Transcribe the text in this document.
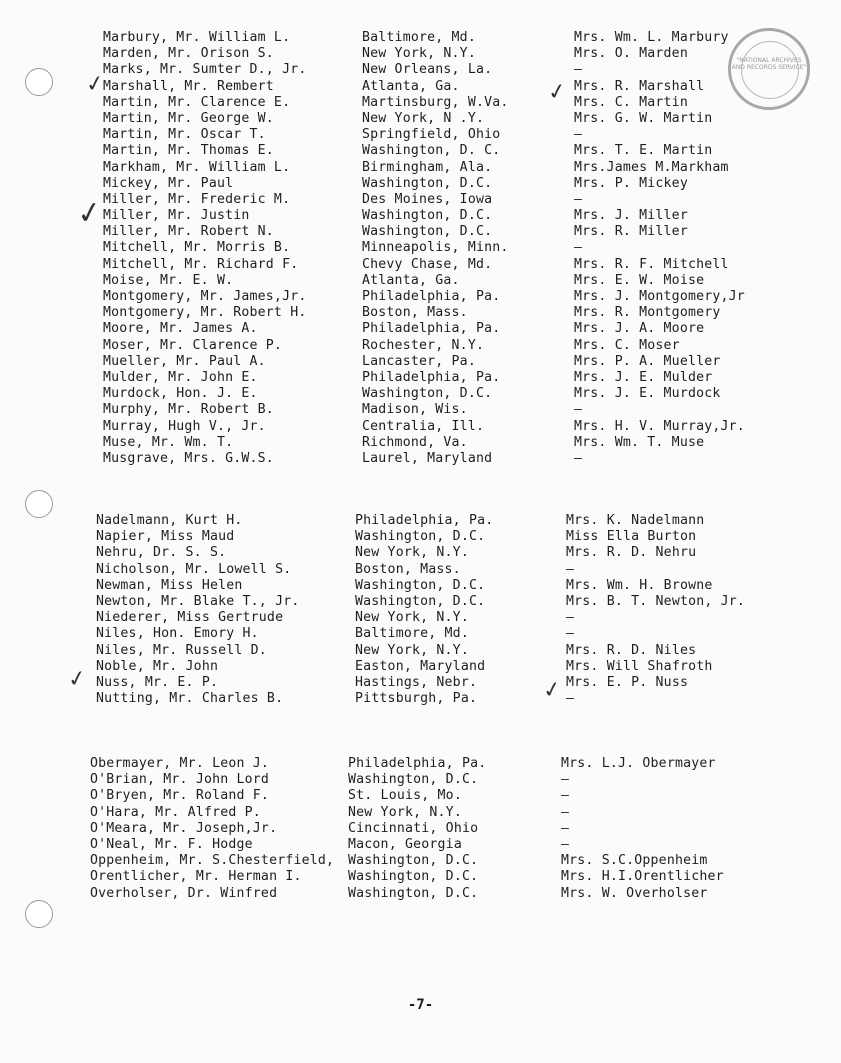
"NATIONAL ARCHIVES AND RECORDS SERVICE"
✓	✓
✓
✓	✓
Marbury, Mr. William L.	Baltimore, Md.	Mrs. Wm. L. Marbury
Marden, Mr. Orison S.	New York, N.Y.	Mrs. O. Marden
Marks, Mr. Sumter D., Jr.	New Orleans, La.	–
Marshall, Mr. Rembert	Atlanta, Ga.	Mrs. R. Marshall
Martin, Mr. Clarence E.	Martinsburg, W.Va.	Mrs. C. Martin
Martin, Mr. George W.	New York, N .Y.	Mrs. G. W. Martin
Martin, Mr. Oscar T.	Springfield, Ohio	–
Martin, Mr. Thomas E.	Washington, D. C.	Mrs. T. E. Martin
Markham, Mr. William L.	Birmingham, Ala.	Mrs.James M.Markham
Mickey, Mr. Paul	Washington, D.C.	Mrs. P. Mickey
Miller, Mr. Frederic M.	Des Moines, Iowa	–
Miller, Mr. Justin	Washington, D.C.	Mrs. J. Miller
Miller, Mr. Robert N.	Washington, D.C.	Mrs. R. Miller
Mitchell, Mr. Morris B.	Minneapolis, Minn.	–
Mitchell, Mr. Richard F.	Chevy Chase, Md.	Mrs. R. F. Mitchell
Moise, Mr. E. W.	Atlanta, Ga.	Mrs. E. W. Moise
Montgomery, Mr. James,Jr.	Philadelphia, Pa.	Mrs. J. Montgomery,Jr
Montgomery, Mr. Robert H.	Boston, Mass.	Mrs. R. Montgomery
Moore, Mr. James A.	Philadelphia, Pa.	Mrs. J. A. Moore
Moser, Mr. Clarence P.	Rochester, N.Y.	Mrs. C. Moser
Mueller, Mr. Paul A.	Lancaster, Pa.	Mrs. P. A. Mueller
Mulder, Mr. John E.	Philadelphia, Pa.	Mrs. J. E. Mulder
Murdock, Hon. J. E.	Washington, D.C.	Mrs. J. E. Murdock
Murphy, Mr. Robert B.	Madison, Wis.	–
Murray, Hugh V., Jr.	Centralia, Ill.	Mrs. H. V. Murray,Jr.
Muse, Mr. Wm. T.	Richmond, Va.	Mrs. Wm. T. Muse
Musgrave, Mrs. G.W.S.	Laurel, Maryland	–
Nadelmann, Kurt H.	Philadelphia, Pa.	Mrs. K. Nadelmann
Napier, Miss Maud	Washington, D.C.	Miss Ella Burton
Nehru, Dr. S. S.	New York, N.Y.	Mrs. R. D. Nehru
Nicholson, Mr. Lowell S.	Boston, Mass.	–
Newman, Miss Helen	Washington, D.C.	Mrs. Wm. H. Browne
Newton, Mr. Blake T., Jr.	Washington, D.C.	Mrs. B. T. Newton, Jr.
Niederer, Miss Gertrude	New York, N.Y.	–
Niles, Hon. Emory H.	Baltimore, Md.	–
Niles, Mr. Russell D.	New York, N.Y.	Mrs. R. D. Niles
Noble, Mr. John	Easton, Maryland	Mrs. Will Shafroth
Nuss, Mr. E. P.	Hastings, Nebr.	Mrs. E. P. Nuss
Nutting, Mr. Charles B.	Pittsburgh, Pa.	–
Obermayer, Mr. Leon J.	Philadelphia, Pa.	Mrs. L.J. Obermayer
O'Brian, Mr. John Lord	Washington, D.C.	–
O'Bryen, Mr. Roland F.	St. Louis, Mo.	–
O'Hara, Mr. Alfred P.	New York, N.Y.	–
O'Meara, Mr. Joseph,Jr.	Cincinnati, Ohio	–
O'Neal, Mr. F. Hodge	Macon, Georgia	–
Oppenheim, Mr. S.Chesterfield, Washington, D.C.	Mrs. S.C.Oppenheim
Orentlicher, Mr. Herman I.	Washington, D.C.	Mrs. H.I.Orentlicher
Overholser, Dr. Winfred	Washington, D.C.	Mrs. W. Overholser
-7-
